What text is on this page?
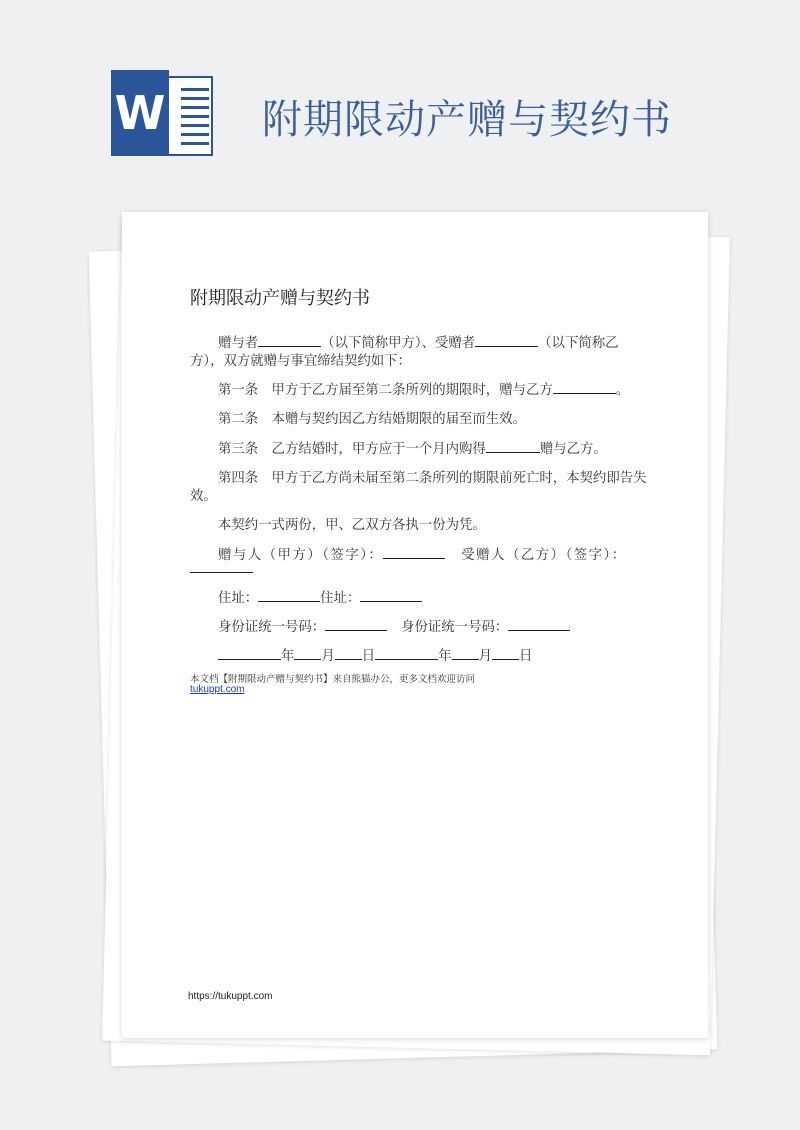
W 附期限动产赠与契约书
附期限动产赠与契约书
赠与者	（以下简称甲方）、受赠者	（以下简称乙
方），双方就赠与事宜缔结契约如下：
第一条　甲方于乙方届至第二条所列的期限时，赠与乙方	。
第二条　本赠与契约因乙方结婚期限的届至而生效。
第三条　乙方结婚时，甲方应于一个月内购得	赠与乙方。
第四条　甲方于乙方尚未届至第二条所列的期限前死亡时，本契约即告失
效。
本契约一式两份，甲、乙双方各执一份为凭。
赠与人（甲方）（签字）：	受赠人（乙方）（签字）：
住址：	住址：
身份证统一号码：	身份证统一号码：
年 月 日	年 月 日
本文档【附期限动产赠与契约书】来自熊猫办公，更多文档欢迎访问
tukuppt.com
https://tukuppt.com
